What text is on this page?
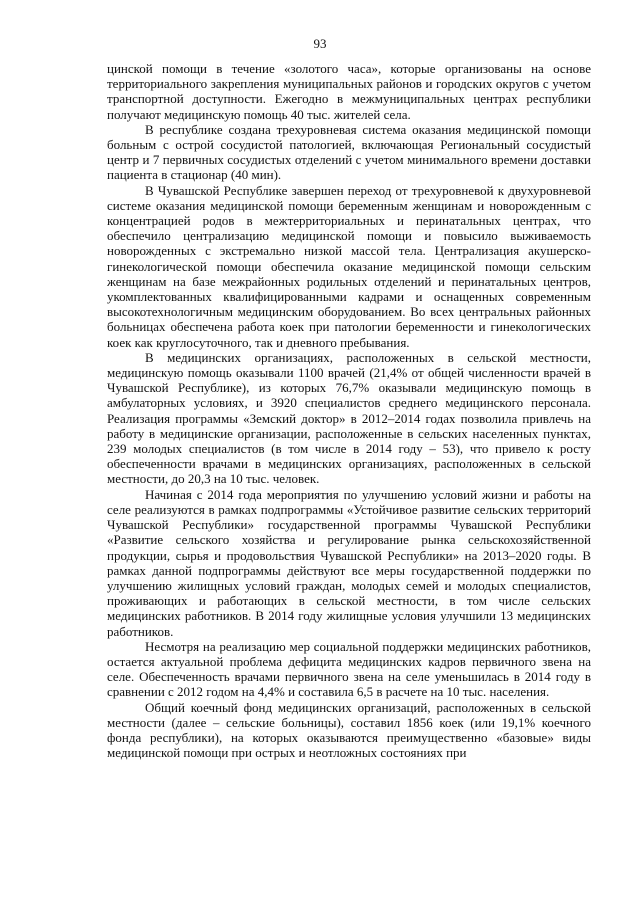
93

цинской помощи в течение «золотого часа», которые организованы на основе территориального закрепления муниципальных районов и городских округов с учетом транспортной доступности. Ежегодно в межмуниципальных центрах республики получают медицинскую помощь 40 тыс. жителей села.

В республике создана трехуровневая система оказания медицинской помощи больным с острой сосудистой патологией, включающая Региональный сосудистый центр и 7 первичных сосудистых отделений с учетом минимального времени доставки пациента в стационар (40 мин).

В Чувашской Республике завершен переход от трехуровневой к двухуровневой системе оказания медицинской помощи беременным женщинам и новорожденным с концентрацией родов в межтерриториальных и перинатальных центрах, что обеспечило централизацию медицинской помощи и повысило выживаемость новорожденных с экстремально низкой массой тела. Централизация акушерско-гинекологической помощи обеспечила оказание медицинской помощи сельским женщинам на базе межрайонных родильных отделений и перинатальных центров, укомплектованных квалифицированными кадрами и оснащенных современным высокотехнологичным медицинским оборудованием. Во всех центральных районных больницах обеспечена работа коек при патологии беременности и гинекологических коек как круглосуточного, так и дневного пребывания.

В медицинских организациях, расположенных в сельской местности, медицинскую помощь оказывали 1100 врачей (21,4% от общей численности врачей в Чувашской Республике), из которых 76,7% оказывали медицинскую помощь в амбулаторных условиях, и 3920 специалистов среднего медицинского персонала. Реализация программы «Земский доктор» в 2012–2014 годах позволила привлечь на работу в медицинские организации, расположенные в сельских населенных пунктах, 239 молодых специалистов (в том числе в 2014 году – 53), что привело к росту обеспеченности врачами в медицинских организациях, расположенных в сельской местности, до 20,3 на 10 тыс. человек.

Начиная с 2014 года мероприятия по улучшению условий жизни и работы на селе реализуются в рамках подпрограммы «Устойчивое развитие сельских территорий Чувашской Республики» государственной программы Чувашской Республики «Развитие сельского хозяйства и регулирование рынка сельскохозяйственной продукции, сырья и продовольствия Чувашской Республики» на 2013–2020 годы. В рамках данной подпрограммы действуют все меры государственной поддержки по улучшению жилищных условий граждан, молодых семей и молодых специалистов, проживающих и работающих в сельской местности, в том числе сельских медицинских работников. В 2014 году жилищные условия улучшили 13 медицинских работников.

Несмотря на реализацию мер социальной поддержки медицинских работников, остается актуальной проблема дефицита медицинских кадров первичного звена на селе. Обеспеченность врачами первичного звена на селе уменьшилась в 2014 году в сравнении с 2012 годом на 4,4% и составила 6,5 в расчете на 10 тыс. населения.

Общий коечный фонд медицинских организаций, расположенных в сельской местности (далее – сельские больницы), составил 1856 коек (или 19,1% коечного фонда республики), на которых оказываются преимущественно «базовые» виды медицинской помощи при острых и неотложных состояниях при
